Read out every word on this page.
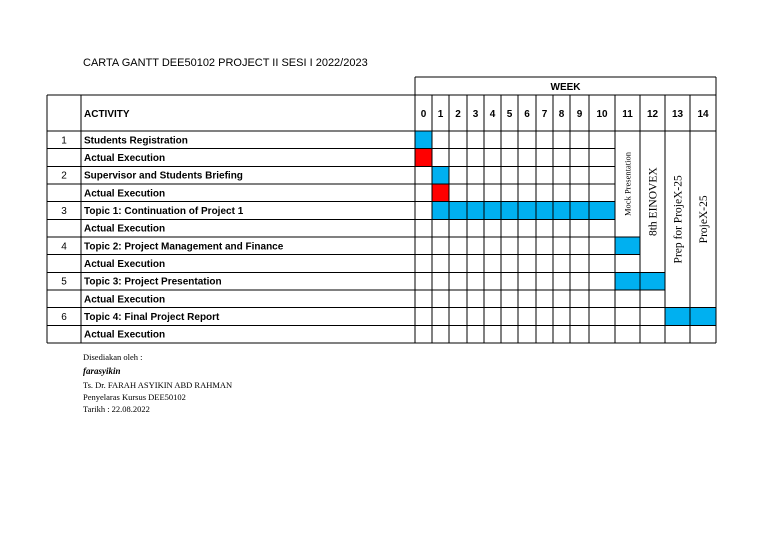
CARTA GANTT DEE50102 PROJECT II SESI I 2022/2023
WEEK
ACTIVITY	0 1 2 3 4 5 6 7 8 9 10 11 12 13 14
1 Students Registration
Actual Execution
2 Supervisor and Students Briefing
Actual Execution
3 Topic 1: Continuation of Project 1
Actual Execution
4 Topic 2: Project Management and Finance
Actual Execution
5 Topic 3: Project Presentation
Actual Execution
6 Topic 4: Final Project Report
Actual Execution
Mock Presentation 8th EINOVEX Prep for ProjeX-25 ProjeX-25
Disediakan oleh :
farasyikin
Ts. Dr. FARAH ASYIKIN ABD RAHMAN
Penyelaras Kursus DEE50102
Tarikh : 22.08.2022
